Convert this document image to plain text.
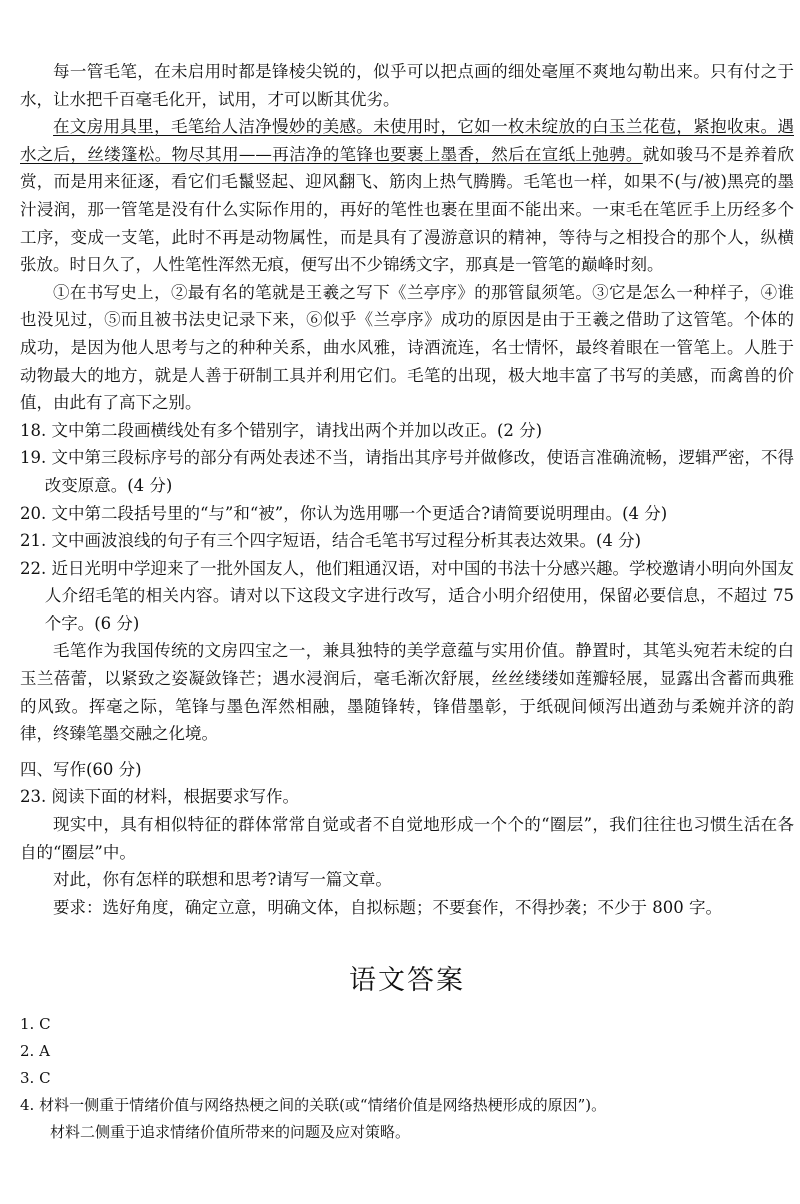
每一管毛笔，在未启用时都是锋棱尖锐的，似乎可以把点画的细处毫厘不爽地勾勒出来。只有付之于水，让水把千百毫毛化开，试用，才可以断其优劣。

在文房用具里，毛笔给人洁净慢妙的美感。未使用时，它如一枚未绽放的白玉兰花苞，紧抱收束。遇水之后，丝缕篷松。物尽其用——再洁净的笔锋也要裹上墨香，然后在宣纸上弛骋。就如骏马不是养着欣赏，而是用来征逐，看它们毛鬣竖起、迎风翻飞、筋肉上热气腾腾。毛笔也一样，如果不(与/被)黑亮的墨汁浸润，那一管笔是没有什么实际作用的，再好的笔性也裹在里面不能出来。一束毛在笔匠手上历经多个工序，变成一支笔，此时不再是动物属性，而是具有了漫游意识的精神，等待与之相投合的那个人，纵横张放。时日久了，人性笔性浑然无痕，便写出不少锦绣文字，那真是一管笔的巅峰时刻。

①在书写史上，②最有名的笔就是王羲之写下《兰亭序》的那管鼠须笔。③它是怎么一种样子，④谁也没见过，⑤而且被书法史记录下来，⑥似乎《兰亭序》成功的原因是由于王羲之借助了这管笔。个体的成功，是因为他人思考与之的种种关系，曲水风雅，诗酒流连，名士情怀，最终着眼在一管笔上。人胜于动物最大的地方，就是人善于研制工具并利用它们。毛笔的出现，极大地丰富了书写的美感，而禽兽的价值，由此有了高下之别。

18. 文中第二段画横线处有多个错别字，请找出两个并加以改正。(2 分)

19. 文中第三段标序号的部分有两处表述不当，请指出其序号并做修改，使语言准确流畅，逻辑严密，不得改变原意。(4 分)

20. 文中第二段括号里的“与”和“被”，你认为选用哪一个更适合?请简要说明理由。(4 分)

21. 文中画波浪线的句子有三个四字短语，结合毛笔书写过程分析其表达效果。(4 分)

22. 近日光明中学迎来了一批外国友人，他们粗通汉语，对中国的书法十分感兴趣。学校邀请小明向外国友人介绍毛笔的相关内容。请对以下这段文字进行改写，适合小明介绍使用，保留必要信息，不超过 75 个字。(6 分)

毛笔作为我国传统的文房四宝之一，兼具独特的美学意蕴与实用价值。静置时，其笔头宛若未绽的白玉兰蓓蕾，以紧致之姿凝敛锋芒；遇水浸润后，毫毛渐次舒展，丝丝缕缕如莲瓣轻展，显露出含蓄而典雅的风致。挥毫之际，笔锋与墨色浑然相融，墨随锋转，锋借墨彰，于纸砚间倾泻出遒劲与柔婉并济的韵律，终臻笔墨交融之化境。

四、写作(60 分)

23. 阅读下面的材料，根据要求写作。

现实中，具有相似特征的群体常常自觉或者不自觉地形成一个个的“圈层”，我们往往也习惯生活在各自的“圈层”中。

对此，你有怎样的联想和思考?请写一篇文章。

要求：选好角度，确定立意，明确文体，自拟标题；不要套作，不得抄袭；不少于 800 字。

语文答案

1. C

2. A

3. C

4. 材料一侧重于情绪价值与网络热梗之间的关联(或“情绪价值是网络热梗形成的原因”)。

材料二侧重于追求情绪价值所带来的问题及应对策略。
